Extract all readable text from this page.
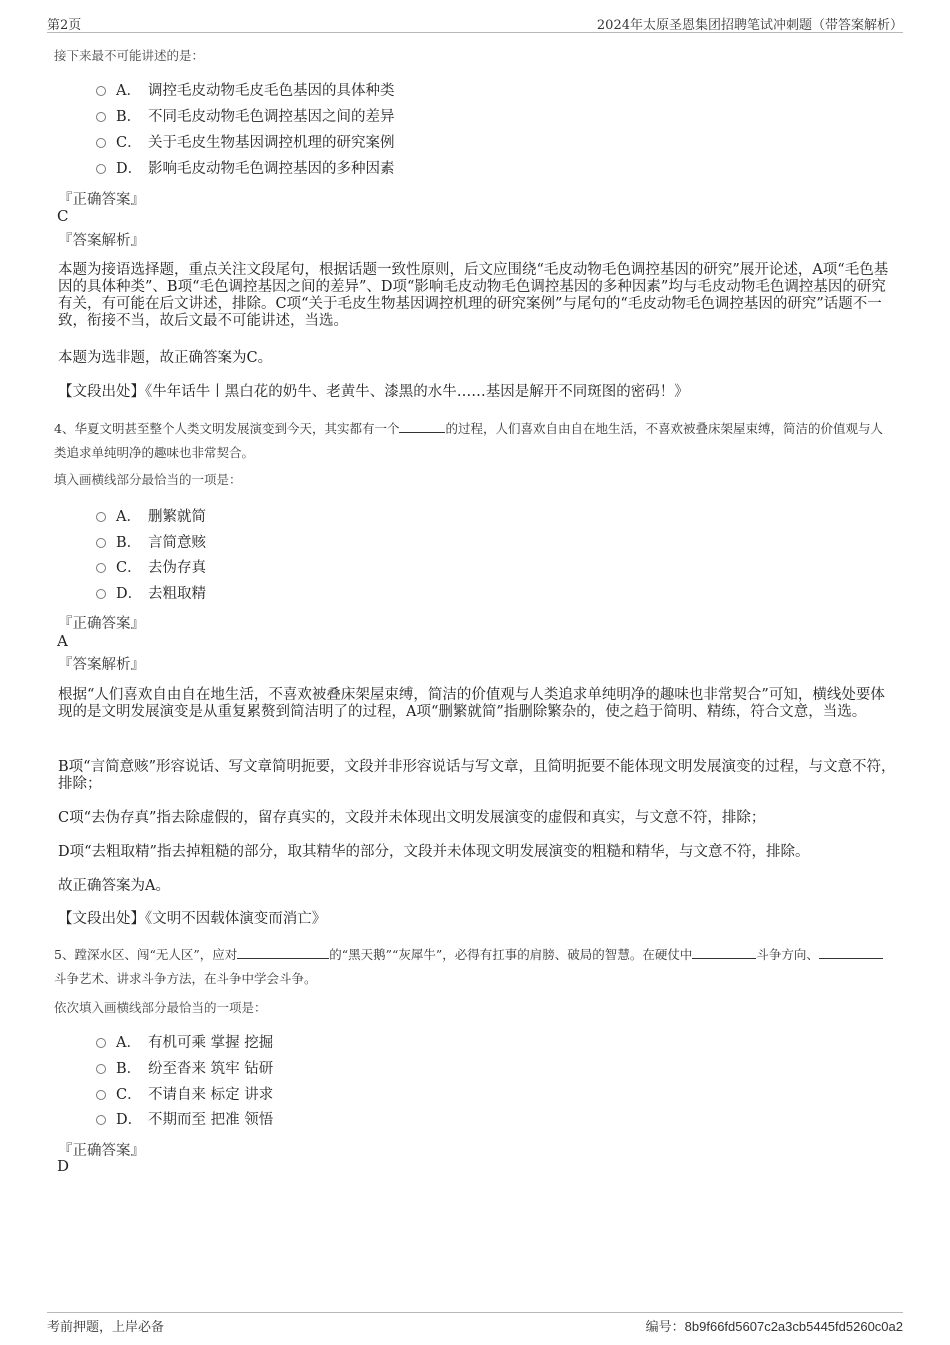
第2页	2024年太原圣恩集团招聘笔试冲刺题（带答案解析）
接下来最不可能讲述的是：
A． 调控毛皮动物毛皮毛色基因的具体种类
B． 不同毛皮动物毛色调控基因之间的差异
C． 关于毛皮生物基因调控机理的研究案例
D． 影响毛皮动物毛色调控基因的多种因素
『正确答案』
C
『答案解析』
本题为接语选择题，重点关注文段尾句，根据话题一致性原则，后文应围绕“毛皮动物毛色调控基因的研究”展开论述，A项“毛色基因的具体种类”、B项“毛色调控基因之间的差异”、D项“影响毛皮动物毛色调控基因的多种因素”均与毛皮动物毛色调控基因的研究有关，有可能在后文讲述，排除。C项“关于毛皮生物基因调控机理的研究案例”与尾句的“毛皮动物毛色调控基因的研究”话题不一致，衔接不当，故后文最不可能讲述，当选。
本题为选非题，故正确答案为C。
【文段出处】《牛年话牛丨黑白花的奶牛、老黄牛、漆黑的水牛……基因是解开不同斑图的密码！》
4、华夏文明甚至整个人类文明发展演变到今天，其实都有一个	的过程，人们喜欢自由自在地生活，不喜欢被叠床架屋束缚，简洁的价值观与人类追求单纯明净的趣味也非常契合。
填入画横线部分最恰当的一项是：
A． 删繁就简
B． 言简意赅
C． 去伪存真
D． 去粗取精
『正确答案』
A
『答案解析』
根据“人们喜欢自由自在地生活，不喜欢被叠床架屋束缚，简洁的价值观与人类追求单纯明净的趣味也非常契合”可知，横线处要体现的是文明发展演变是从重复累赘到简洁明了的过程，A项“删繁就简”指删除繁杂的，使之趋于简明、精练，符合文意，当选。
B项“言简意赅”形容说话、写文章简明扼要，文段并非形容说话与写文章，且简明扼要不能体现文明发展演变的过程，与文意不符，排除；
C项“去伪存真”指去除虚假的，留存真实的，文段并未体现出文明发展演变的虚假和真实，与文意不符，排除；
D项“去粗取精”指去掉粗糙的部分，取其精华的部分，文段并未体现文明发展演变的粗糙和精华，与文意不符，排除。
故正确答案为A。
【文段出处】《文明不因载体演变而消亡》
5、蹚深水区、闯“无人区”，应对	的“黑天鹅”“灰犀牛”，必得有扛事的肩膀、破局的智慧。在硬仗中	斗争方向、斗争艺术、讲求斗争方法，在斗争中学会斗争。
依次填入画横线部分最恰当的一项是：
A． 有机可乘 掌握 挖掘
B． 纷至沓来 筑牢 钻研
C． 不请自来 标定 讲求
D． 不期而至 把准 领悟
『正确答案』
D
考前押题，上岸必备	编号：8b9f66fd5607c2a3cb5445fd5260c0a2
